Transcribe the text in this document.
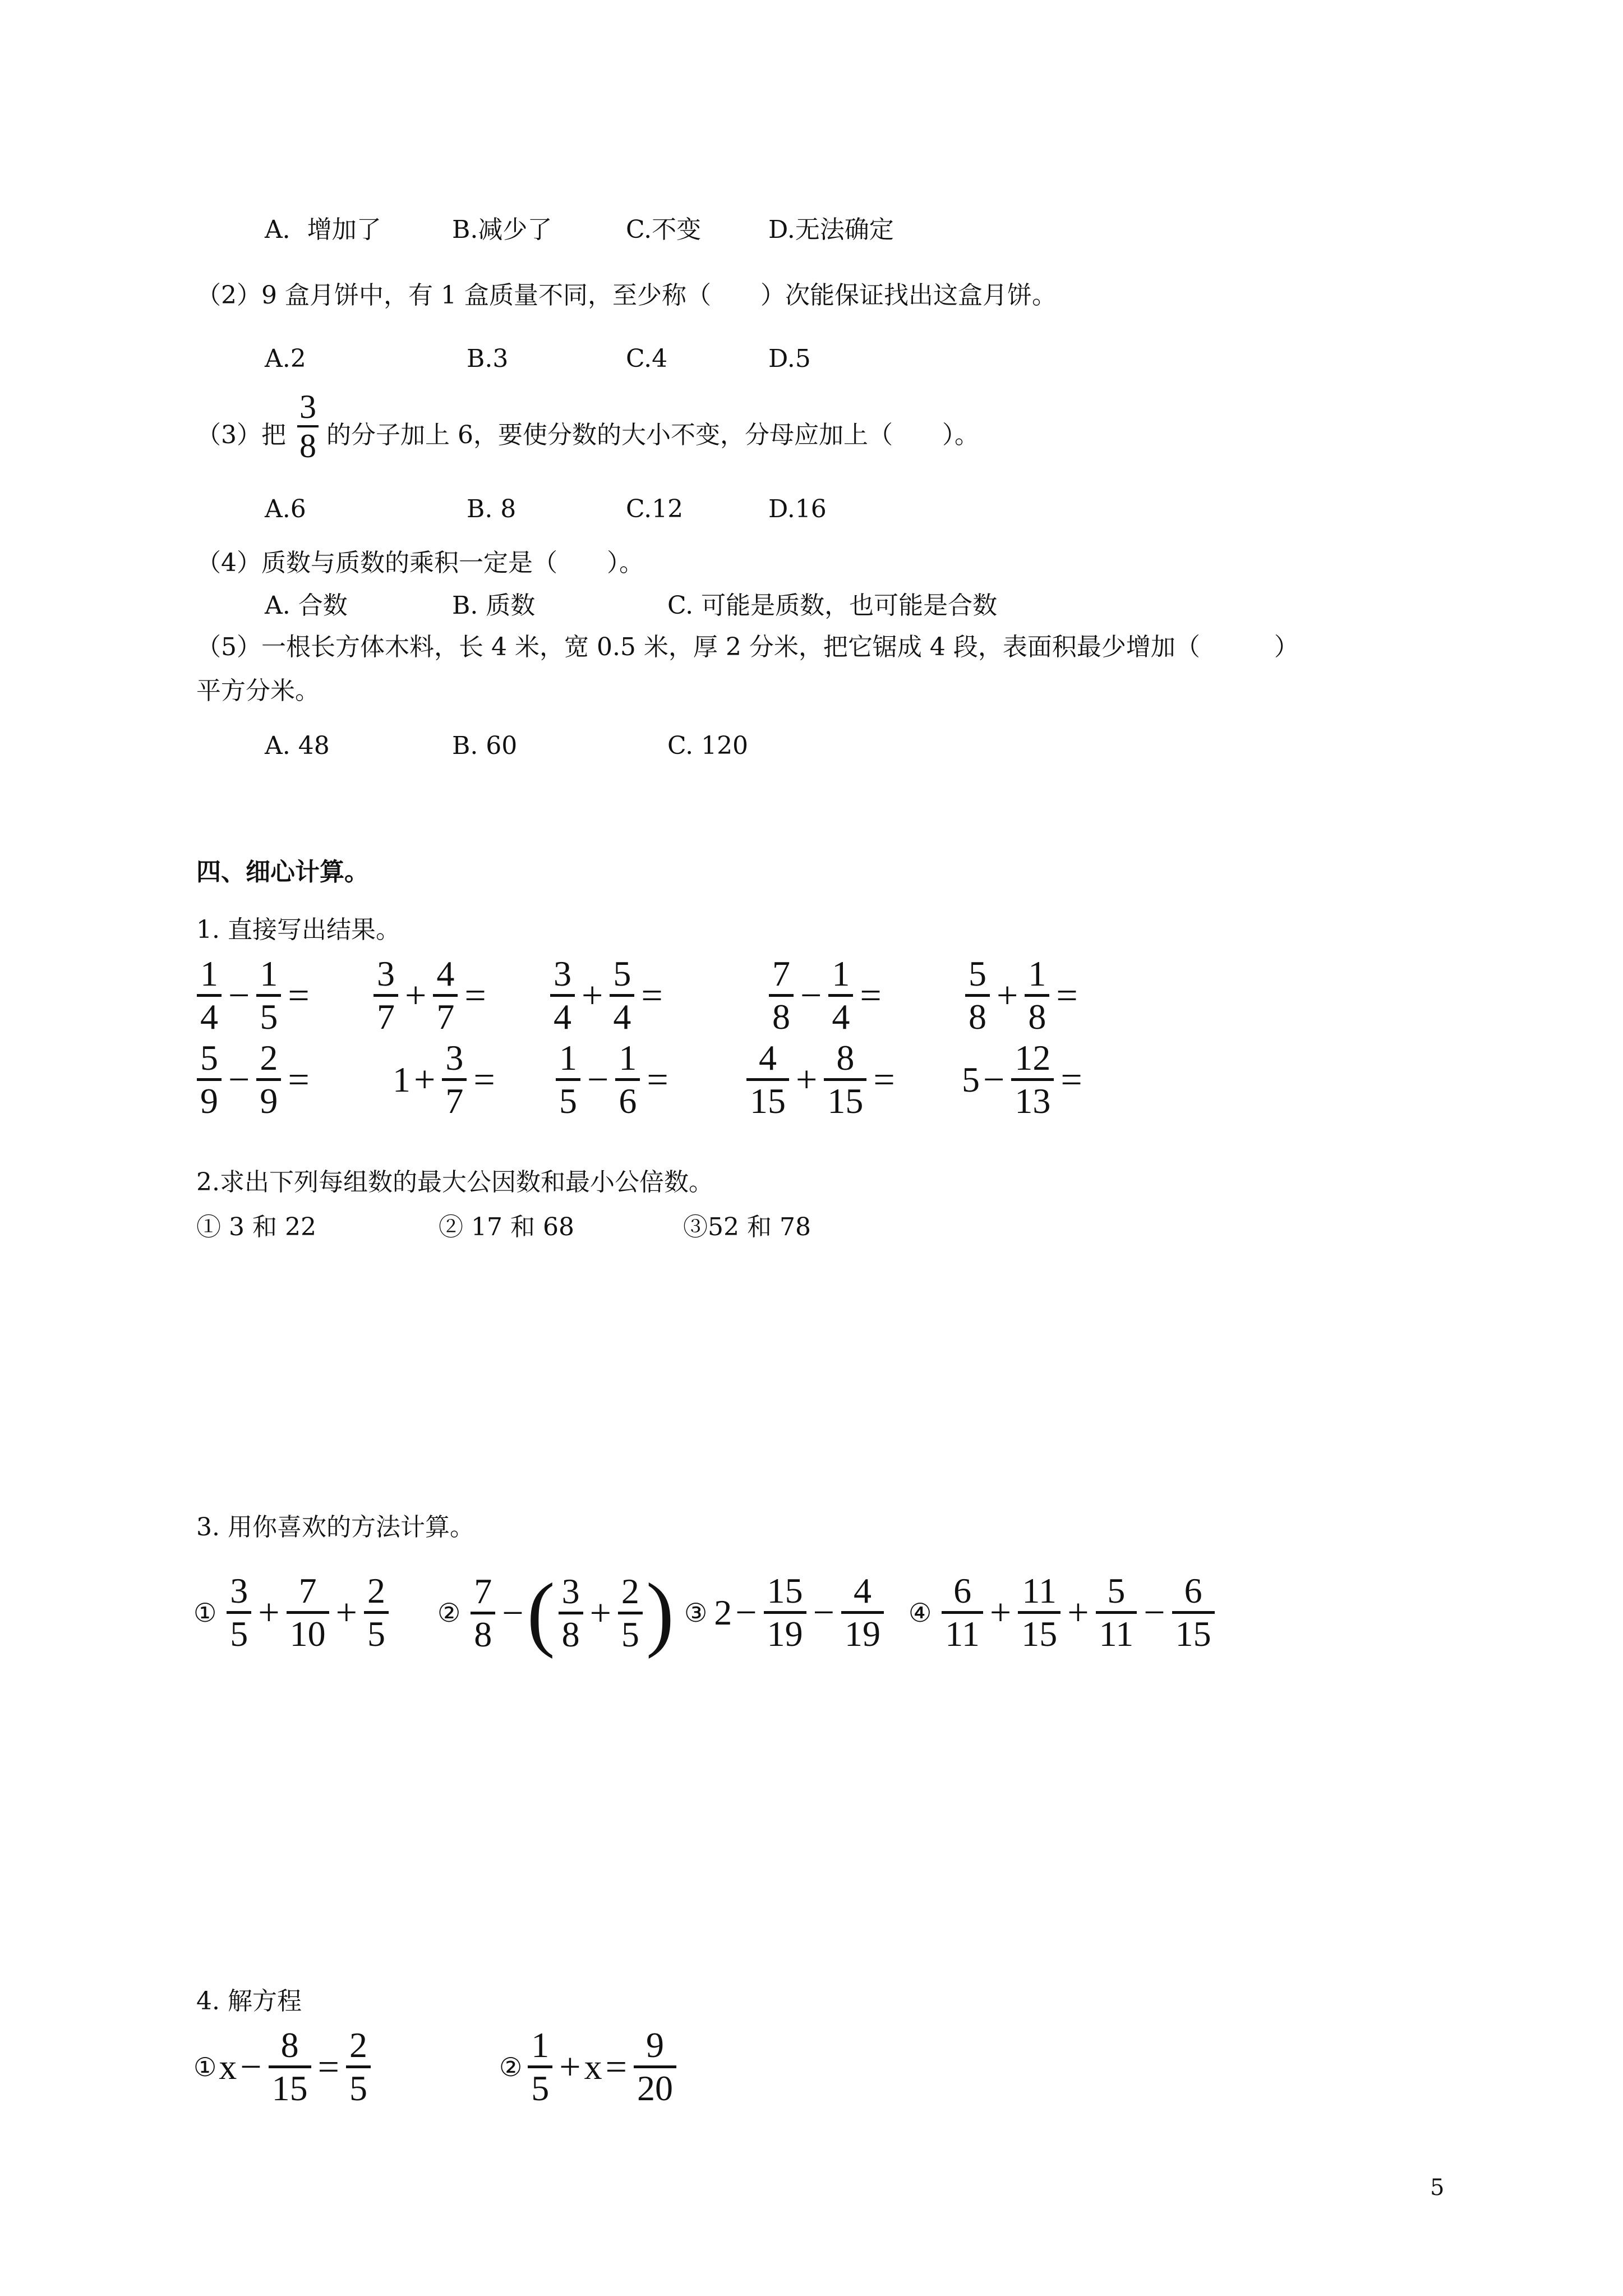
A．增加了	B.减少了	C.不变	D.无法确定
（2）9 盒月饼中，有 1 盒质量不同，至少称（　　）次能保证找出这盒月饼。
A.2	B.3	C.4	D.5
（3）把 $\frac{3}{8}$ 的分子加上 6，要使分数的大小不变，分母应加上（　　）。
A.6	B. 8	C.12	D.16
（4）质数与质数的乘积一定是（　　）。
A. 合数	B. 质数	C. 可能是质数，也可能是合数
（5）一根长方体木料，长 4 米，宽 0.5 米，厚 2 分米，把它锯成 4 段，表面积最少增加（　　　）
平方分米。
A. 48	B. 60	C. 120
四、细心计算。
1. 直接写出结果。
$\frac{1}{4} - \frac{1}{5} = \frac{3}{7} + \frac{4}{7} = \frac{3}{4} + \frac{5}{4}$ =	$\frac{7}{8} - \frac{1}{4} = \frac{5}{8} + \frac{1}{8}$ =
$\frac{5}{9} - \frac{2}{9} = 1 + \frac{3}{7} = \frac{1}{5} - \frac{1}{6} = \frac{4}{15} + \frac{8}{15} = 5 - \frac{12}{13}$ =
2.求出下列每组数的最大公因数和最小公倍数。
① 3 和 22	② 17 和 68	③52 和 78
3. 用你喜欢的方法计算。
① $\frac{3}{5} + \frac{7}{10} + \frac{2}{5}$ ② $\frac{7}{8}$ − ( $\frac{3}{8} + \frac{2}{5}$ ) ③ $2 - \frac{15}{19} - \frac{4}{19}$ ④ $\frac{6}{11} + \frac{11}{15} + \frac{5}{11} - \frac{6}{15}$
4. 解方程
① $x - \frac{8}{15} = \frac{2}{5}$	② $\frac{1}{5} + x = \frac{9}{20}$
5
